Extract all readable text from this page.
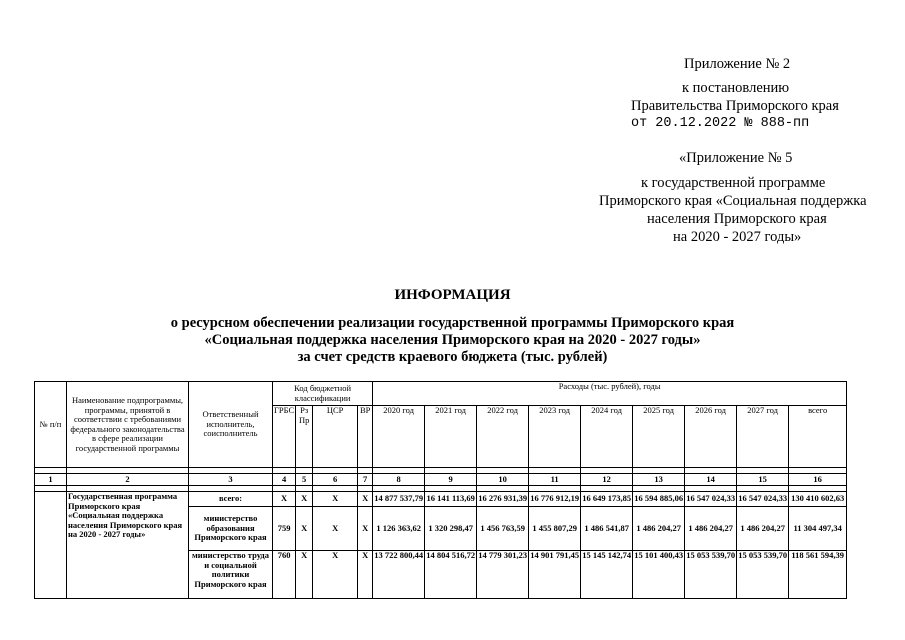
Приложение № 2
к постановлению
Правительства Приморского края
от 20.12.2022 № 888-пп
«Приложение № 5
к государственной программе
Приморского края «Социальная поддержка
населения Приморского края
на 2020 - 2027 годы»
ИНФОРМАЦИЯ
о ресурсном обеспечении реализации государственной программы Приморского края
«Социальная поддержка населения Приморского края на 2020 - 2027 годы»
за счет средств краевого бюджета (тыс. рублей)
№ п/п	Наименование подпрограммы, программы, принятой в соответствии с требованиями федерального законодательства в сфере реализации государственной программы	Ответственный исполнитель, соисполнитель	Код бюджетной классификации				Расходы (тыс. рублей), годы								
			ГРБС	Рз Пр	ЦСР	ВР	2020 год	2021 год	2022 год	2023 год	2024 год	2025 год	2026 год	2027 год	всего

1	2	3	4	5	6	7	8	9	10	11	12	13	14	15	16

	Государственная программа Приморского края «Социальная поддержка населения Приморского края на 2020 - 2027 годы»	всего:	Х	Х	Х	Х	14 877 537,79	16 141 113,69	16 276 931,39	16 776 912,19	16 649 173,85	16 594 885,06	16 547 024,33	16 547 024,33	130 410 602,63
		министерство образования Приморского края	759	Х	Х	Х	1 126 363,62	1 320 298,47	1 456 763,59	1 455 807,29	1 486 541,87	1 486 204,27	1 486 204,27	1 486 204,27	11 304 497,34
		министерство труда и социальной политики Приморского края	760	Х	Х	Х	13 722 800,44	14 804 516,72	14 779 301,23	14 901 791,45	15 145 142,74	15 101 400,43	15 053 539,70	15 053 539,70	118 561 594,39
